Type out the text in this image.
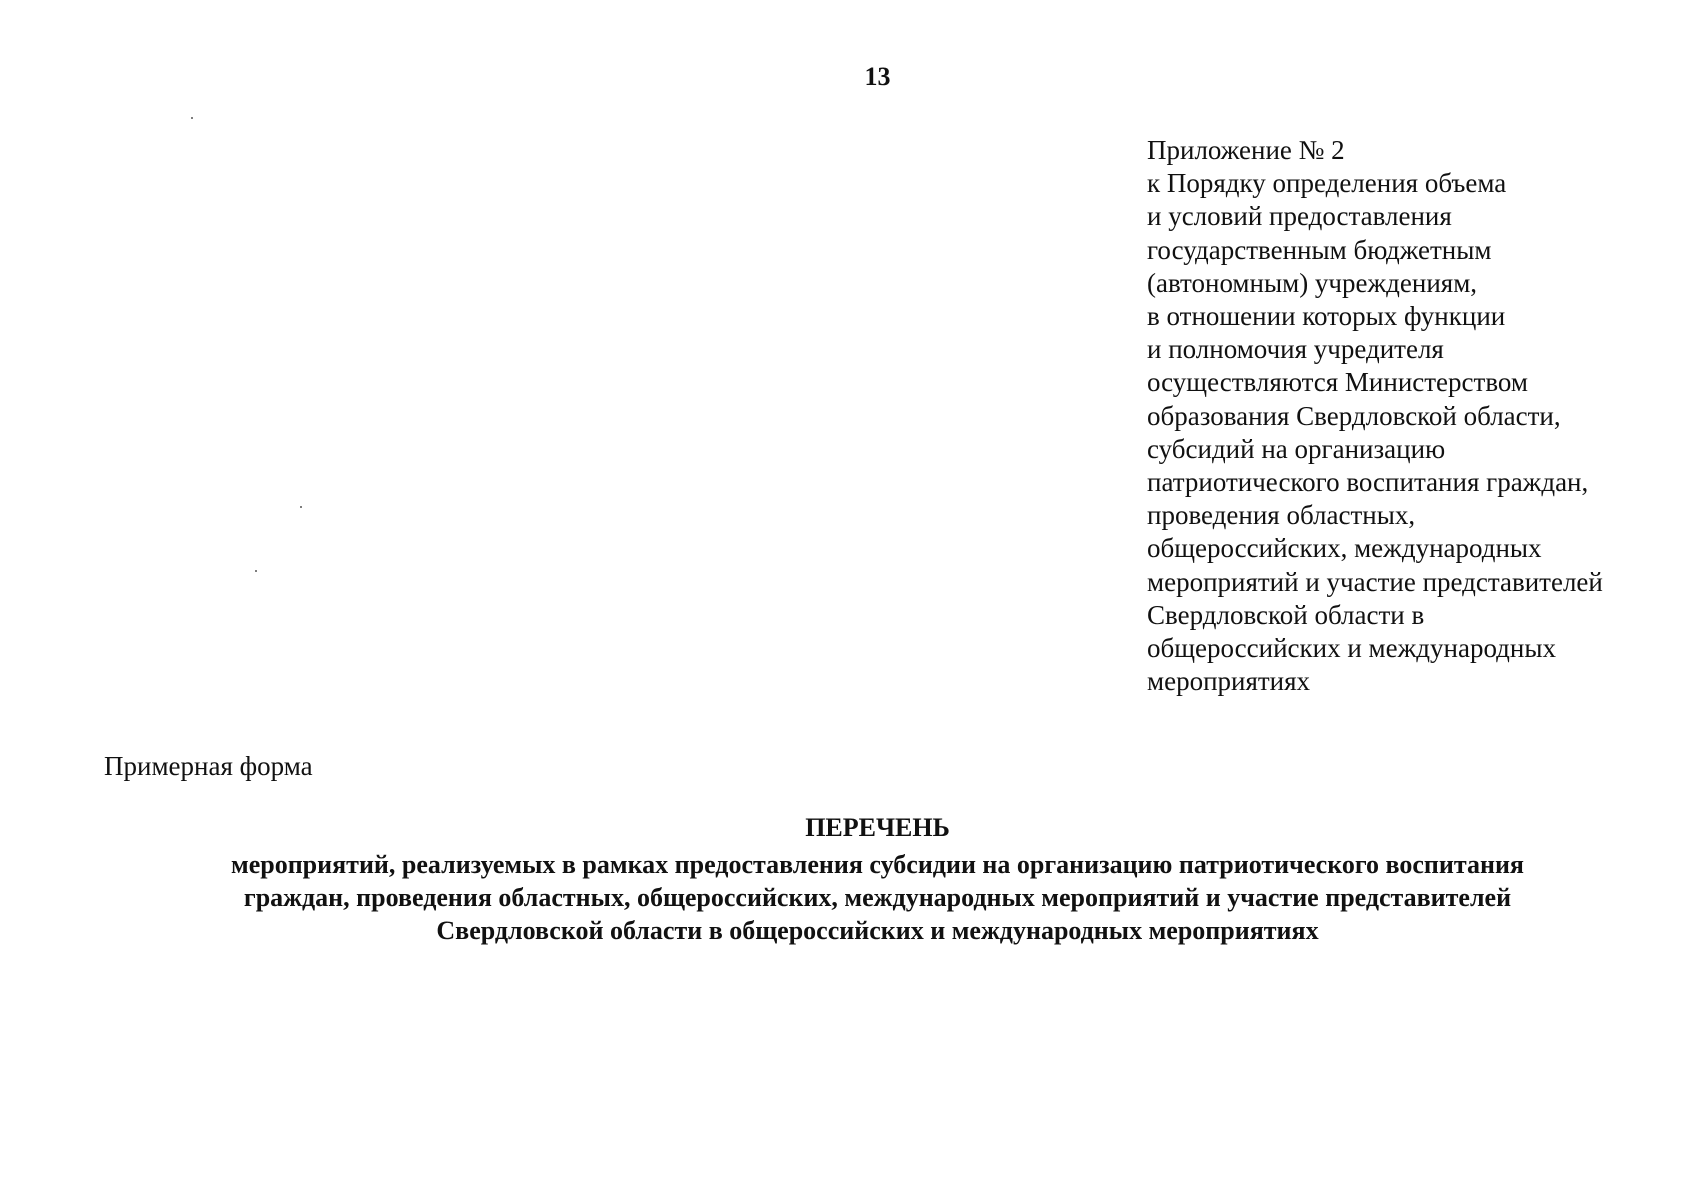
13
Приложение № 2
к Порядку определения объема
и условий предоставления
государственным бюджетным
(автономным) учреждениям,
в отношении которых функции
и полномочия учредителя
осуществляются Министерством
образования Свердловской области,
субсидий на организацию
патриотического воспитания граждан,
проведения областных,
общероссийских, международных
мероприятий и участие представителей
Свердловской области в
общероссийских и международных
мероприятиях
Примерная форма
ПЕРЕЧЕНЬ
мероприятий, реализуемых в рамках предоставления субсидии на организацию патриотического воспитания
граждан, проведения областных, общероссийских, международных мероприятий и участие представителей
Свердловской области в общероссийских и международных мероприятиях
